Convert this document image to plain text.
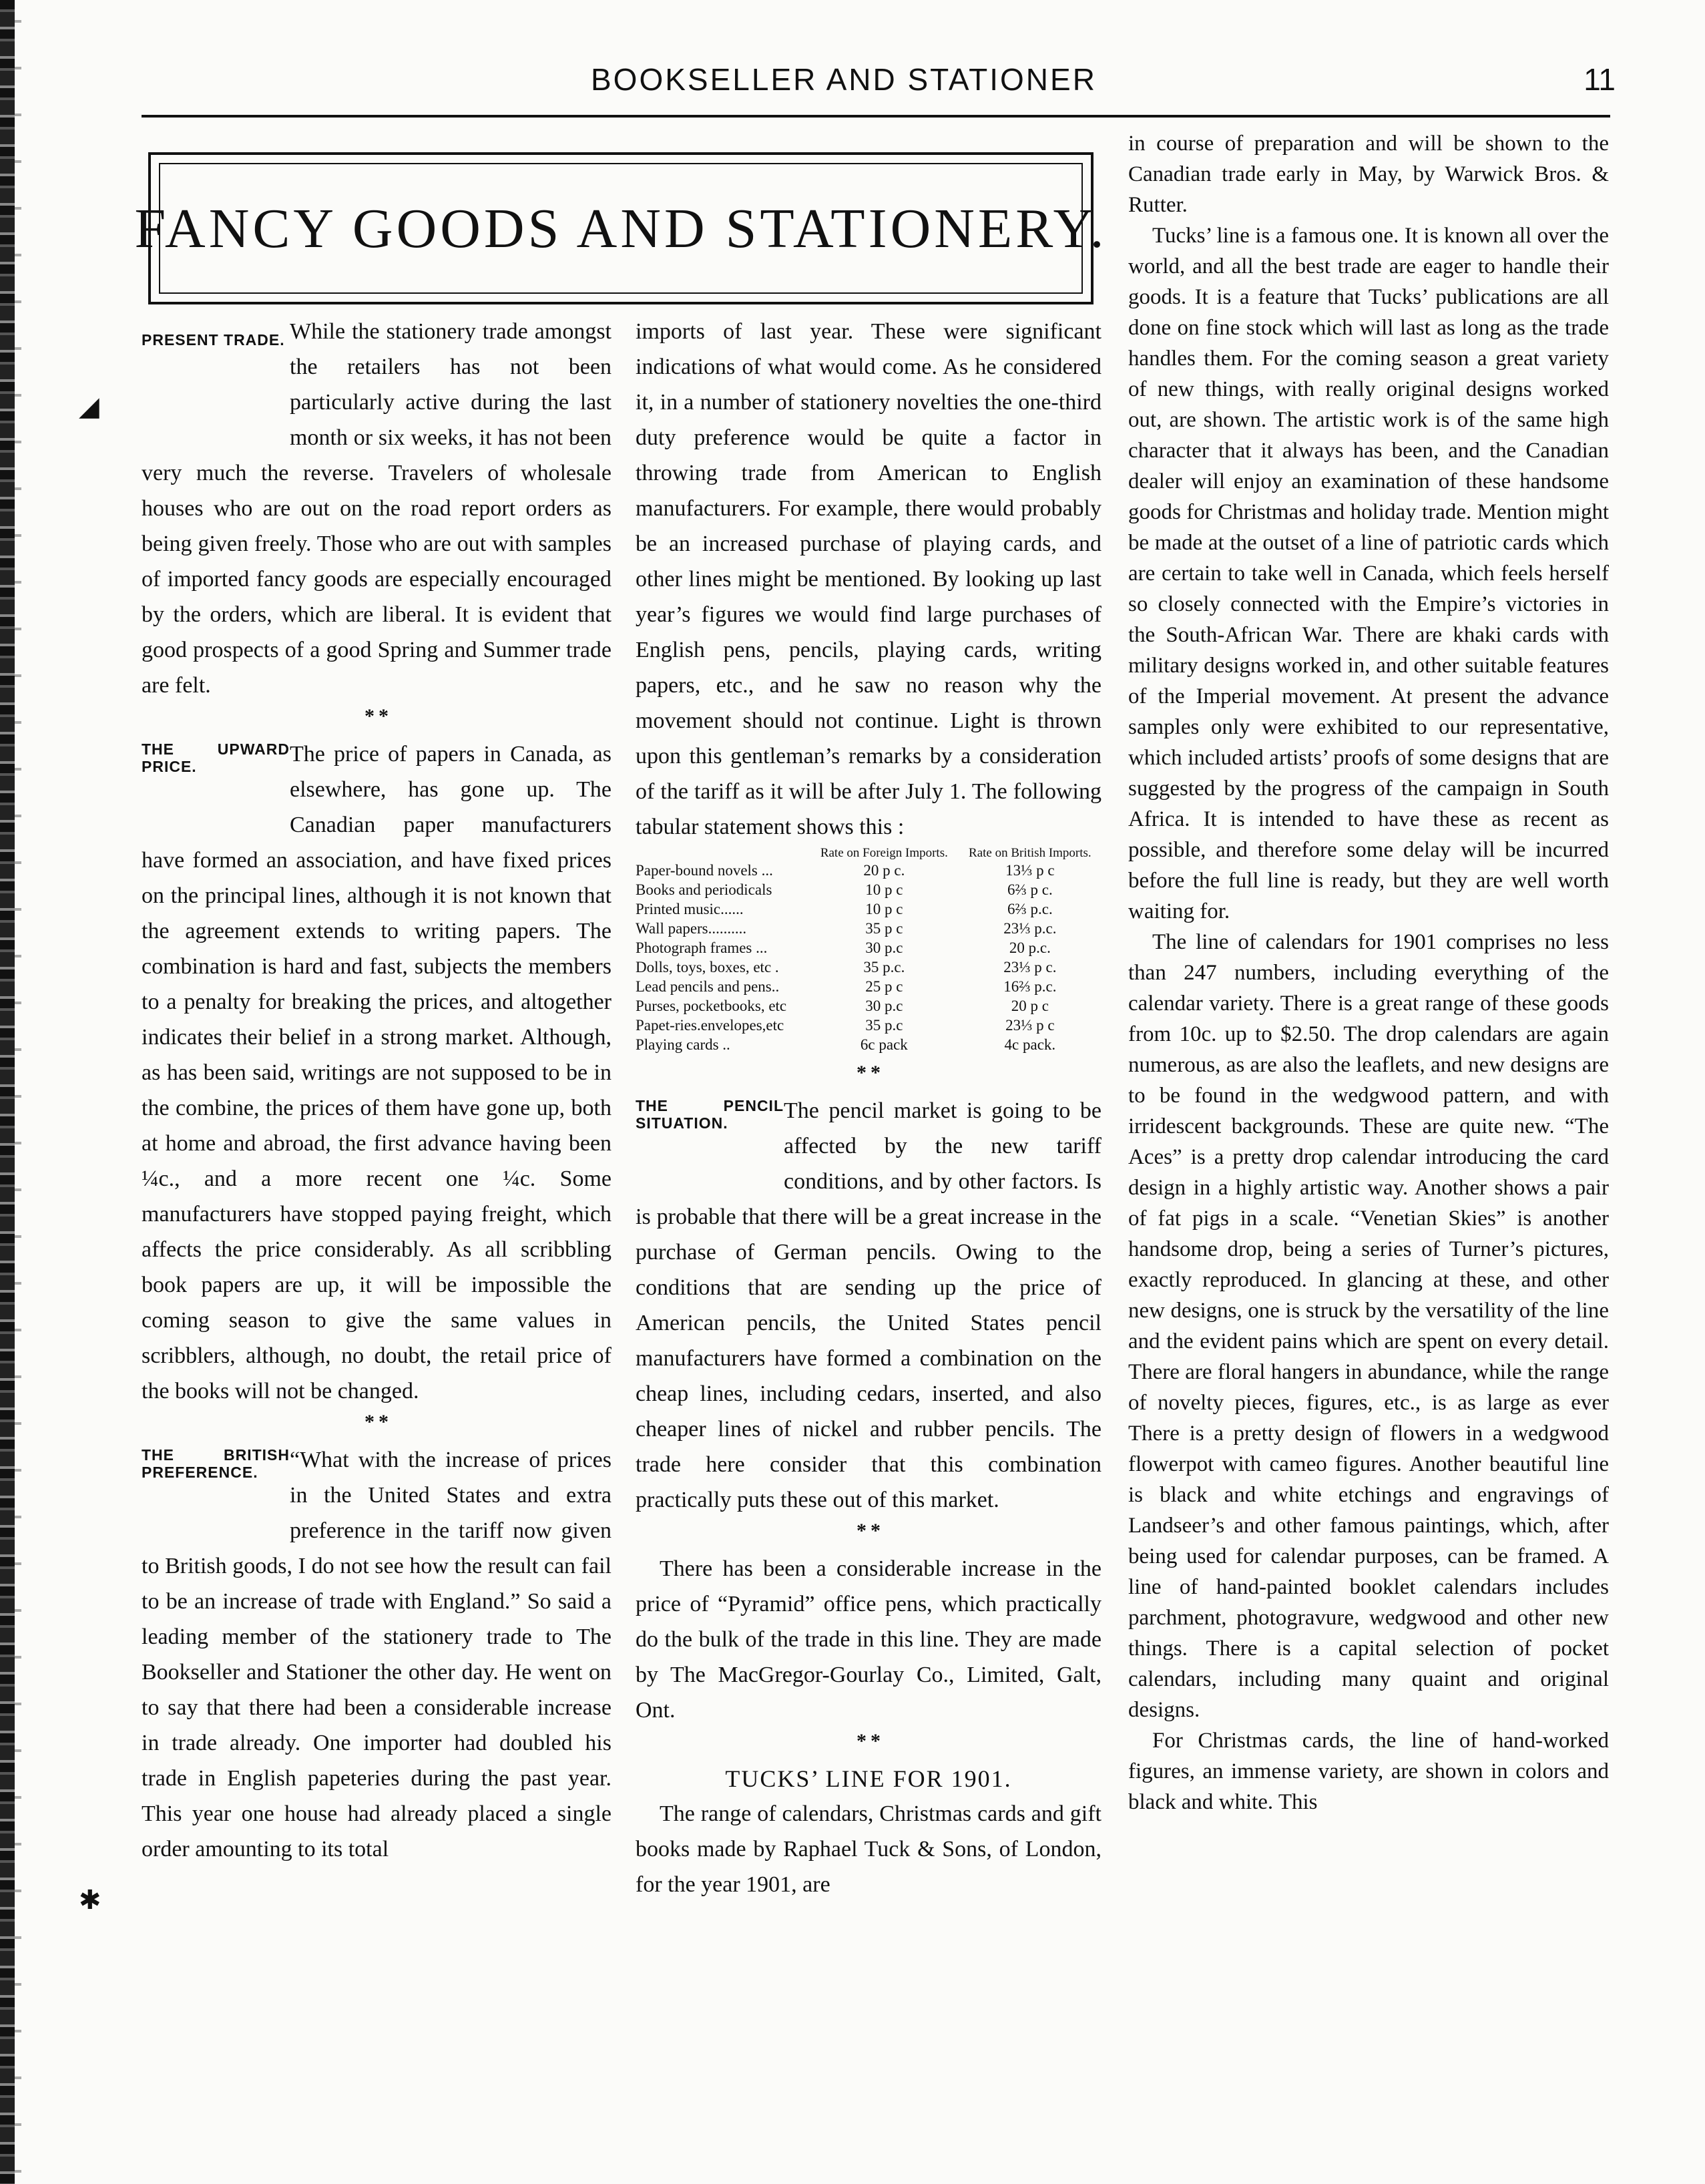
BOOKSELLER AND STATIONER	11
FANCY GOODS AND STATIONERY.
◢
✱
PRESENT TRADE. While the stationery trade amongst the retailers has not been particularly active during the last month or six weeks, it has not been very much the reverse. Travelers of wholesale houses who are out on the road report orders as being given freely. Those who are out with samples of imported fancy goods are especially encouraged by the orders, which are liberal. It is evident that good prospects of a good Spring and Summer trade are felt.

* *
THE UPWARD PRICE.	The price of papers in Canada, as elsewhere, has gone up. The Canadian paper manufacturers have formed an association, and have fixed prices on the principal lines, although it is not known that the agreement extends to writing papers. The combination is hard and fast, subjects the members to a penalty for breaking the prices, and altogether indicates their belief in a strong market. Although, as has been said, writings are not supposed to be in the combine, the prices of them have gone up, both at home and abroad, the first advance having been ¼c., and a more recent one ¼c. Some manufacturers have stopped paying freight, which affects the price considerably. As all scribbling book papers are up, it will be impossible the coming season to give the same values in scribblers, although, no doubt, the retail price of the books will not be changed.

* *
THE BRITISH PREFERENCE.	“What with the increase of prices in the United States and extra preference in the tariff now given to British goods, I do not see how the result can fail to be an increase of trade with England.” So said a leading member of the stationery trade to The Bookseller and Stationer the other day. He went on to say that there had been a considerable increase in trade already. One importer had doubled his trade in English papeteries during the past year. This year one house had already placed a single order amounting to its total

imports of last year. These were significant indications of what would come. As he considered it, in a number of stationery novelties the one-third duty preference would be quite a factor in throwing trade from American to English manufacturers. For example, there would probably be an increased purchase of playing cards, and other lines might be mentioned. By looking up last year’s figures we would find large purchases of English pens, pencils, playing cards, writing papers, etc., and he saw no reason why the movement should not continue. Light is thrown upon this gentleman’s remarks by a consideration of the tariff as it will be after July 1. The following tabular statement shows this :

	Rate on Foreign Imports.	Rate on British Imports.
Paper-bound novels ...	20 p c.	13⅓ p c
Books and periodicals	10 p c	6⅔ p c.
Printed music......	10 p c	6⅔ p.c.
Wall papers..........	35 p c	23⅓ p.c.
Photograph frames ...	30 p.c	20 p.c.
Dolls, toys, boxes, etc .	35 p.c.	23⅓ p c.
Lead pencils and pens..	25 p c	16⅔ p.c.
Purses, pocketbooks, etc	30 p.c	20 p c
Papet-ries.envelopes,etc	35 p.c	23⅓ p c
Playing cards ..	6c pack	4c pack.
* *
THE PENCIL SITUATION.	The pencil market is going to be affected by the new tariff conditions, and by other factors. Is is probable that there will be a great increase in the purchase of German pencils. Owing to the conditions that are sending up the price of American pencils, the United States pencil manufacturers have formed a combination on the cheap lines, including cedars, inserted, and also cheaper lines of nickel and rubber pencils. The trade here consider that this combination practically puts these out of this market.

* *

There has been a considerable increase in the price of “Pyramid” office pens, which practically do the bulk of the trade in this line. They are made by The MacGregor-Gourlay Co., Limited, Galt, Ont.

* *
TUCKS’ LINE FOR 1901.

The range of calendars, Christmas cards and gift books made by Raphael Tuck & Sons, of London, for the year 1901, are

in course of preparation and will be shown to the Canadian trade early in May, by Warwick Bros. & Rutter.

Tucks’ line is a famous one. It is known all over the world, and all the best trade are eager to handle their goods. It is a feature that Tucks’ publications are all done on fine stock which will last as long as the trade handles them. For the coming season a great variety of new things, with really original designs worked out, are shown. The artistic work is of the same high character that it always has been, and the Canadian dealer will enjoy an examination of these handsome goods for Christmas and holiday trade. Mention might be made at the outset of a line of patriotic cards which are certain to take well in Canada, which feels herself so closely connected with the Empire’s victories in the South-African War. There are khaki cards with military designs worked in, and other suitable features of the Imperial movement. At present the advance samples only were exhibited to our representative, which included artists’ proofs of some designs that are suggested by the progress of the campaign in South Africa. It is intended to have these as recent as possible, and therefore some delay will be incurred before the full line is ready, but they are well worth waiting for.

The line of calendars for 1901 comprises no less than 247 numbers, including everything of the calendar variety. There is a great range of these goods from 10c. up to $2.50. The drop calendars are again numerous, as are also the leaflets, and new designs are to be found in the wedgwood pattern, and with irridescent backgrounds. These are quite new. “The Aces” is a pretty drop calendar introducing the card design in a highly artistic way. Another shows a pair of fat pigs in a scale. “Venetian Skies” is another handsome drop, being a series of Turner’s pictures, exactly reproduced. In glancing at these, and other new designs, one is struck by the versatility of the line and the evident pains which are spent on every detail. There are floral hangers in abundance, while the range of novelty pieces, figures, etc., is as large as ever There is a pretty design of flowers in a wedgwood flowerpot with cameo figures. Another beautiful line is black and white etchings and engravings of Landseer’s and other famous paintings, which, after being used for calendar purposes, can be framed. A line of hand-painted booklet calendars includes parchment, photogravure, wedgwood and other new things. There is a capital selection of pocket calendars, including many quaint and original designs.

For Christmas cards, the line of hand-worked figures, an immense variety, are shown in colors and black and white. This
